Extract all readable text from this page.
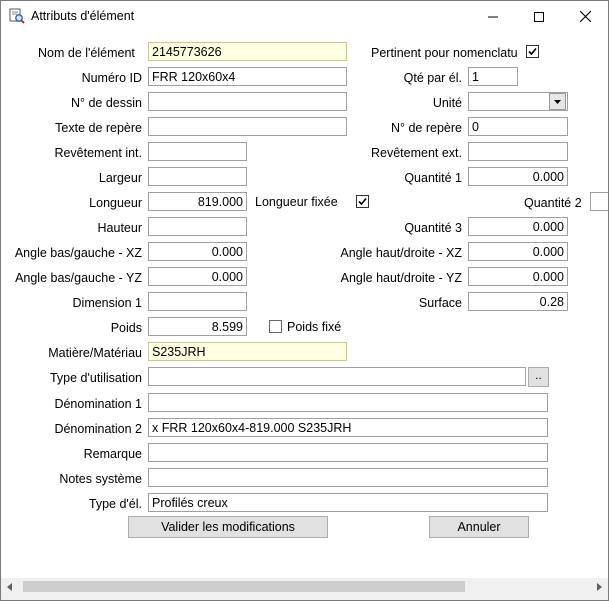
Attributs d'élément
Nom de l'élément	2145773626	Pertinent pour nomenclatu
Numéro ID FRR 120x60x4	Qté par él. 1
N° de dessin	Unité
Texte de repère	N° de repère 0
Revêtement int.	Revêtement ext.
Largeur	Quantité 1	0.000
Longueur	819.000 Longueur fixée	Quantité 2
Hauteur	Quantité 3	0.000
Angle bas/gauche - XZ	0.000	Angle haut/droite - XZ	0.000
Angle bas/gauche - YZ	0.000	Angle haut/droite - YZ	0.000
Dimension 1	Surface	0.28
Poids	8.599	Poids fixé
Matière/Matériau S235JRH
Type d'utilisation	..
Dénomination 1
Dénomination 2 x FRR 120x60x4-819.000 S235JRH
Remarque
Notes système
Type d'él. Profilés creux
Valider les modifications	Annuler
